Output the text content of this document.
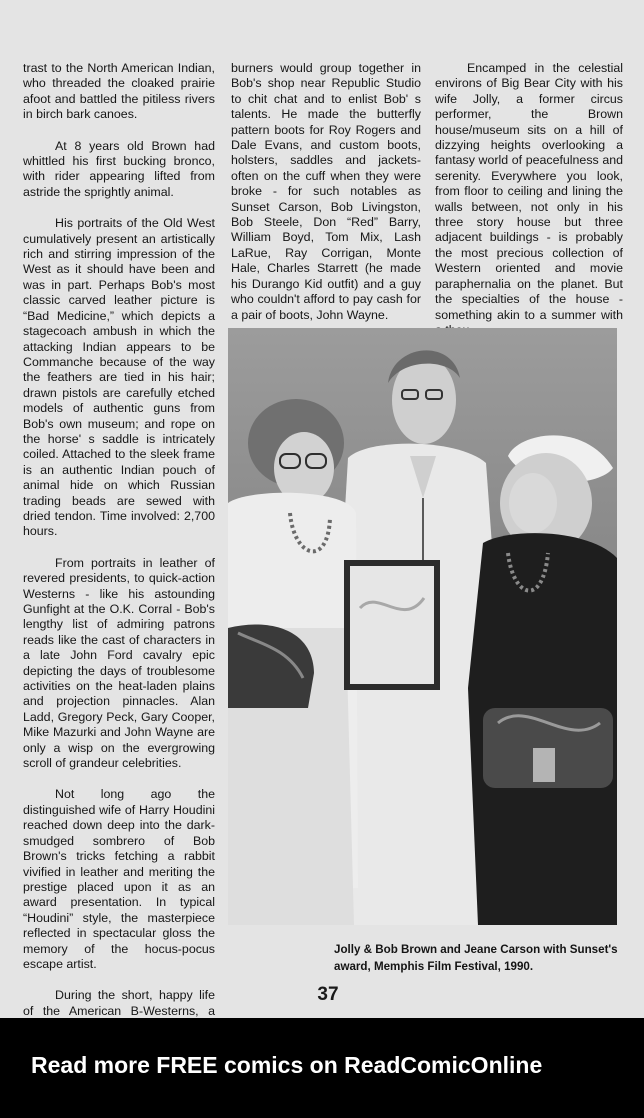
trast to the North American Indian, who threaded the cloaked prairie afoot and battled the pitiless rivers in birch bark canoes.

At 8 years old Brown had whittled his first bucking bronco, with rider appearing lifted from astride the sprightly animal.

His portraits of the Old West cumulatively present an artistically rich and stirring impression of the West as it should have been and was in part. Perhaps Bob's most classic carved leather picture is “Bad Medicine,” which depicts a stagecoach ambush in which the attacking Indian appears to be Commanche because of the way the feathers are tied in his hair; drawn pistols are carefully etched models of authentic guns from Bob's own museum; and rope on the horse' s saddle is intricately coiled. Attached to the sleek frame is an authentic Indian pouch of animal hide on which Russian trading beads are sewed with dried tendon. Time involved: 2,700 hours.

From portraits in leather of revered presidents, to quick-action Westerns - like his astounding Gunfight at the O.K. Corral - Bob's lengthy list of admiring patrons reads like the cast of characters in a late John Ford cavalry epic depicting the days of troublesome activities on the heat-laden plains and projection pinnacles. Alan Ladd, Gregory Peck, Gary Cooper, Mike Mazurki and John Wayne are only a wisp on the evergrowing scroll of grandeur celebrities.

Not long ago the distinguished wife of Harry Houdini reached down deep into the dark-smudged sombrero of Bob Brown's tricks fetching a rabbit vivified in leather and meriting the prestige placed upon it as an award presentation. In typical “Houdini” style, the masterpiece reflected in spectacular gloss the memory of the hocus-pocus escape artist.

During the short, happy life of the American B-Westerns, a

burners would group together in Bob's shop near Republic Studio to chit chat and to enlist Bob' s talents. He made the butterfly pattern boots for Roy Rogers and Dale Evans, and custom boots, holsters, saddles and jackets- often on the cuff when they were broke - for such notables as Sunset Carson, Bob Livingston, Bob Steele, Don “Red” Barry, William Boyd, Tom Mix, Lash LaRue, Ray Corrigan, Monte Hale, Charles Starrett (he made his Durango Kid outfit) and a guy who couldn't afford to pay cash for a pair of boots, John Wayne.

Encamped in the celestial environs of Big Bear City with his wife Jolly, a former circus performer, the Brown house/museum sits on a hill of dizzying heights overlooking a fantasy world of peacefulness and serenity. Everywhere you look, from floor to ceiling and lining the walls between, not only in his three story house but three adjacent buildings - is probably the most precious collection of Western oriented and movie paraphernalia on the planet. But the specialties of the house - something akin to a summer with

Jolly & Bob Brown and Jeane Carson with Sunset's award, Memphis Film Festival, 1990.
37
Read more FREE comics on ReadComicOnline
